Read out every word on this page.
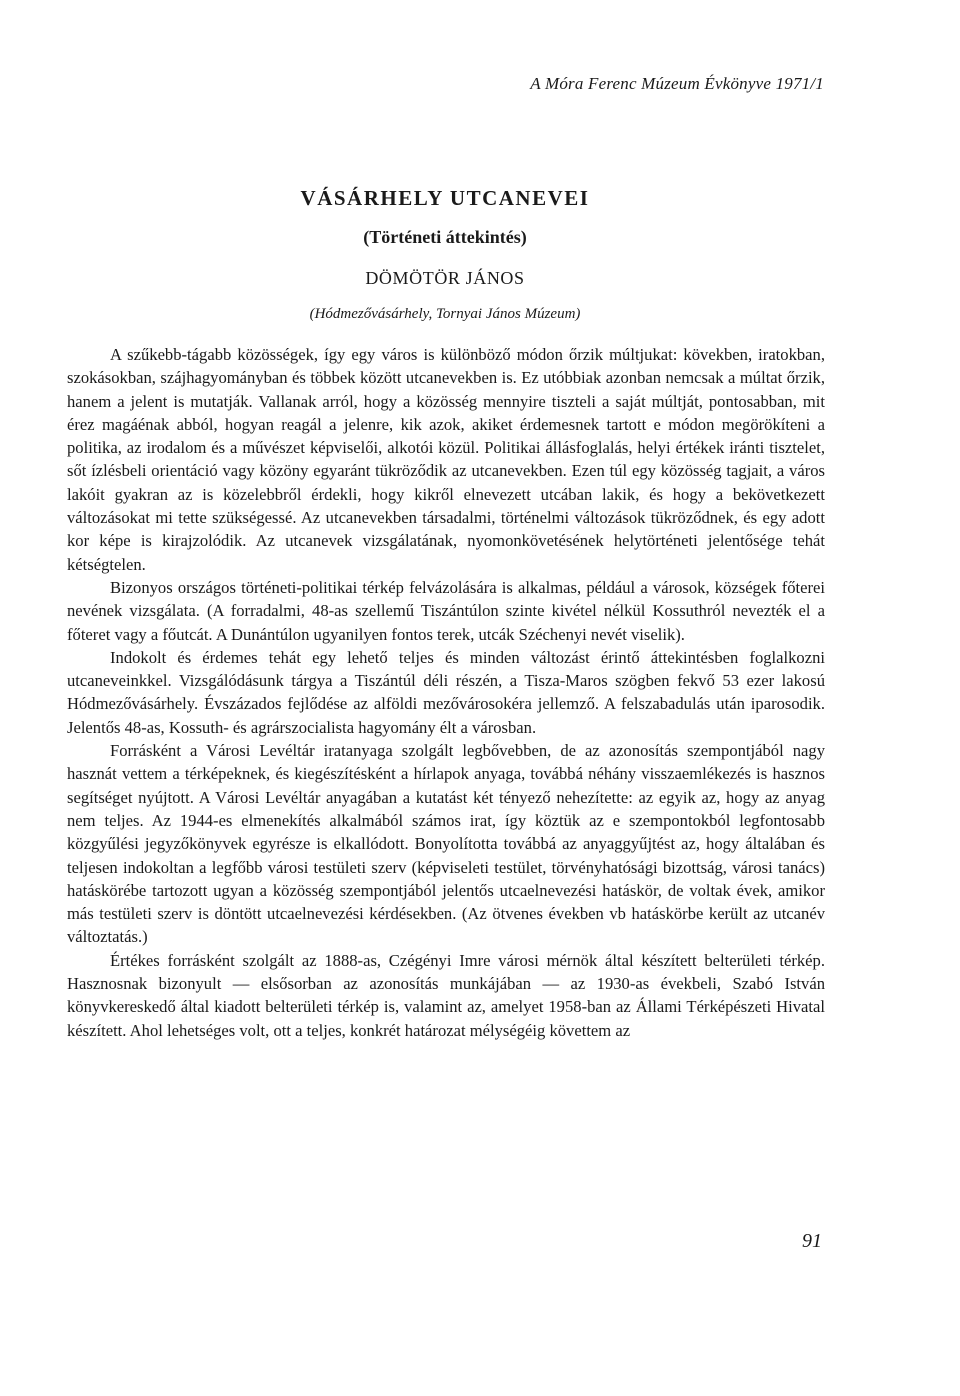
A Móra Ferenc Múzeum Évkönyve 1971/1
VÁSÁRHELY UTCANEVEI
(Történeti áttekintés)
DÖMÖTÖR JÁNOS
(Hódmezővásárhely, Tornyai János Múzeum)

A szűkebb-tágabb közösségek, így egy város is különböző módon őrzik múltjukat: kövekben, iratokban, szokásokban, szájhagyományban és többek között utcanevekben is. Ez utóbbiak azonban nemcsak a múltat őrzik, hanem a jelent is mutatják. Vallanak arról, hogy a közösség mennyire tiszteli a saját múltját, pontosabban, mit érez magáénak abból, hogyan reagál a jelenre, kik azok, akiket érdemesnek tartott e módon megörökíteni a politika, az irodalom és a művészet képviselői, alkotói közül. Politikai állásfoglalás, helyi értékek iránti tisztelet, sőt ízlésbeli orientáció vagy közöny egyaránt tükröződik az utcanevekben. Ezen túl egy közösség tagjait, a város lakóit gyakran az is közelebbről érdekli, hogy kikről elnevezett utcában lakik, és hogy a bekövetkezett változásokat mi tette szükségessé. Az utcanevekben társadalmi, történelmi változások tükröződnek, és egy adott kor képe is kirajzolódik. Az utcanevek vizsgálatának, nyomonkövetésének helytörténeti jelentősége tehát kétségtelen.

Bizonyos országos történeti-politikai térkép felvázolására is alkalmas, például a városok, községek főterei nevének vizsgálata. (A forradalmi, 48-as szellemű Tiszántúlon szinte kivétel nélkül Kossuthról nevezték el a főteret vagy a főutcát. A Dunántúlon ugyanilyen fontos terek, utcák Széchenyi nevét viselik).

Indokolt és érdemes tehát egy lehető teljes és minden változást érintő áttekintésben foglalkozni utcaneveinkkel. Vizsgálódásunk tárgya a Tiszántúl déli részén, a Tisza-Maros szögben fekvő 53 ezer lakosú Hódmezővásárhely. Évszázados fejlődése az alföldi mezővárosokéra jellemző. A felszabadulás után iparosodik. Jelentős 48-as, Kossuth- és agrárszocialista hagyomány élt a városban.

Forrásként a Városi Levéltár iratanyaga szolgált legbővebben, de az azonosítás szempontjából nagy hasznát vettem a térképeknek, és kiegészítésként a hírlapok anyaga, továbbá néhány visszaemlékezés is hasznos segítséget nyújtott. A Városi Levéltár anyagában a kutatást két tényező nehezítette: az egyik az, hogy az anyag nem teljes. Az 1944-es elmenekítés alkalmából számos irat, így köztük az e szempontokból legfontosabb közgyűlési jegyzőkönyvek egyrésze is elkallódott. Bonyolította továbbá az anyaggyűjtést az, hogy általában és teljesen indokoltan a legfőbb városi testületi szerv (képviseleti testület, törvényhatósági bizottság, városi tanács) hatáskörébe tartozott ugyan a közösség szempontjából jelentős utcaelnevezési hatáskör, de voltak évek, amikor más testületi szerv is döntött utcaelnevezési kérdésekben. (Az ötvenes években vb hatáskörbe került az utcanév változtatás.)

Értékes forrásként szolgált az 1888-as, Czégényi Imre városi mérnök által készített belterületi térkép. Hasznosnak bizonyult — elsősorban az azonosítás munkájában — az 1930-as évekbeli, Szabó István könyvkereskedő által kiadott belterületi térkép is, valamint az, amelyet 1958-ban az Állami Térképészeti Hivatal készített. Ahol lehetséges volt, ott a teljes, konkrét határozat mélységéig követtem az

91
